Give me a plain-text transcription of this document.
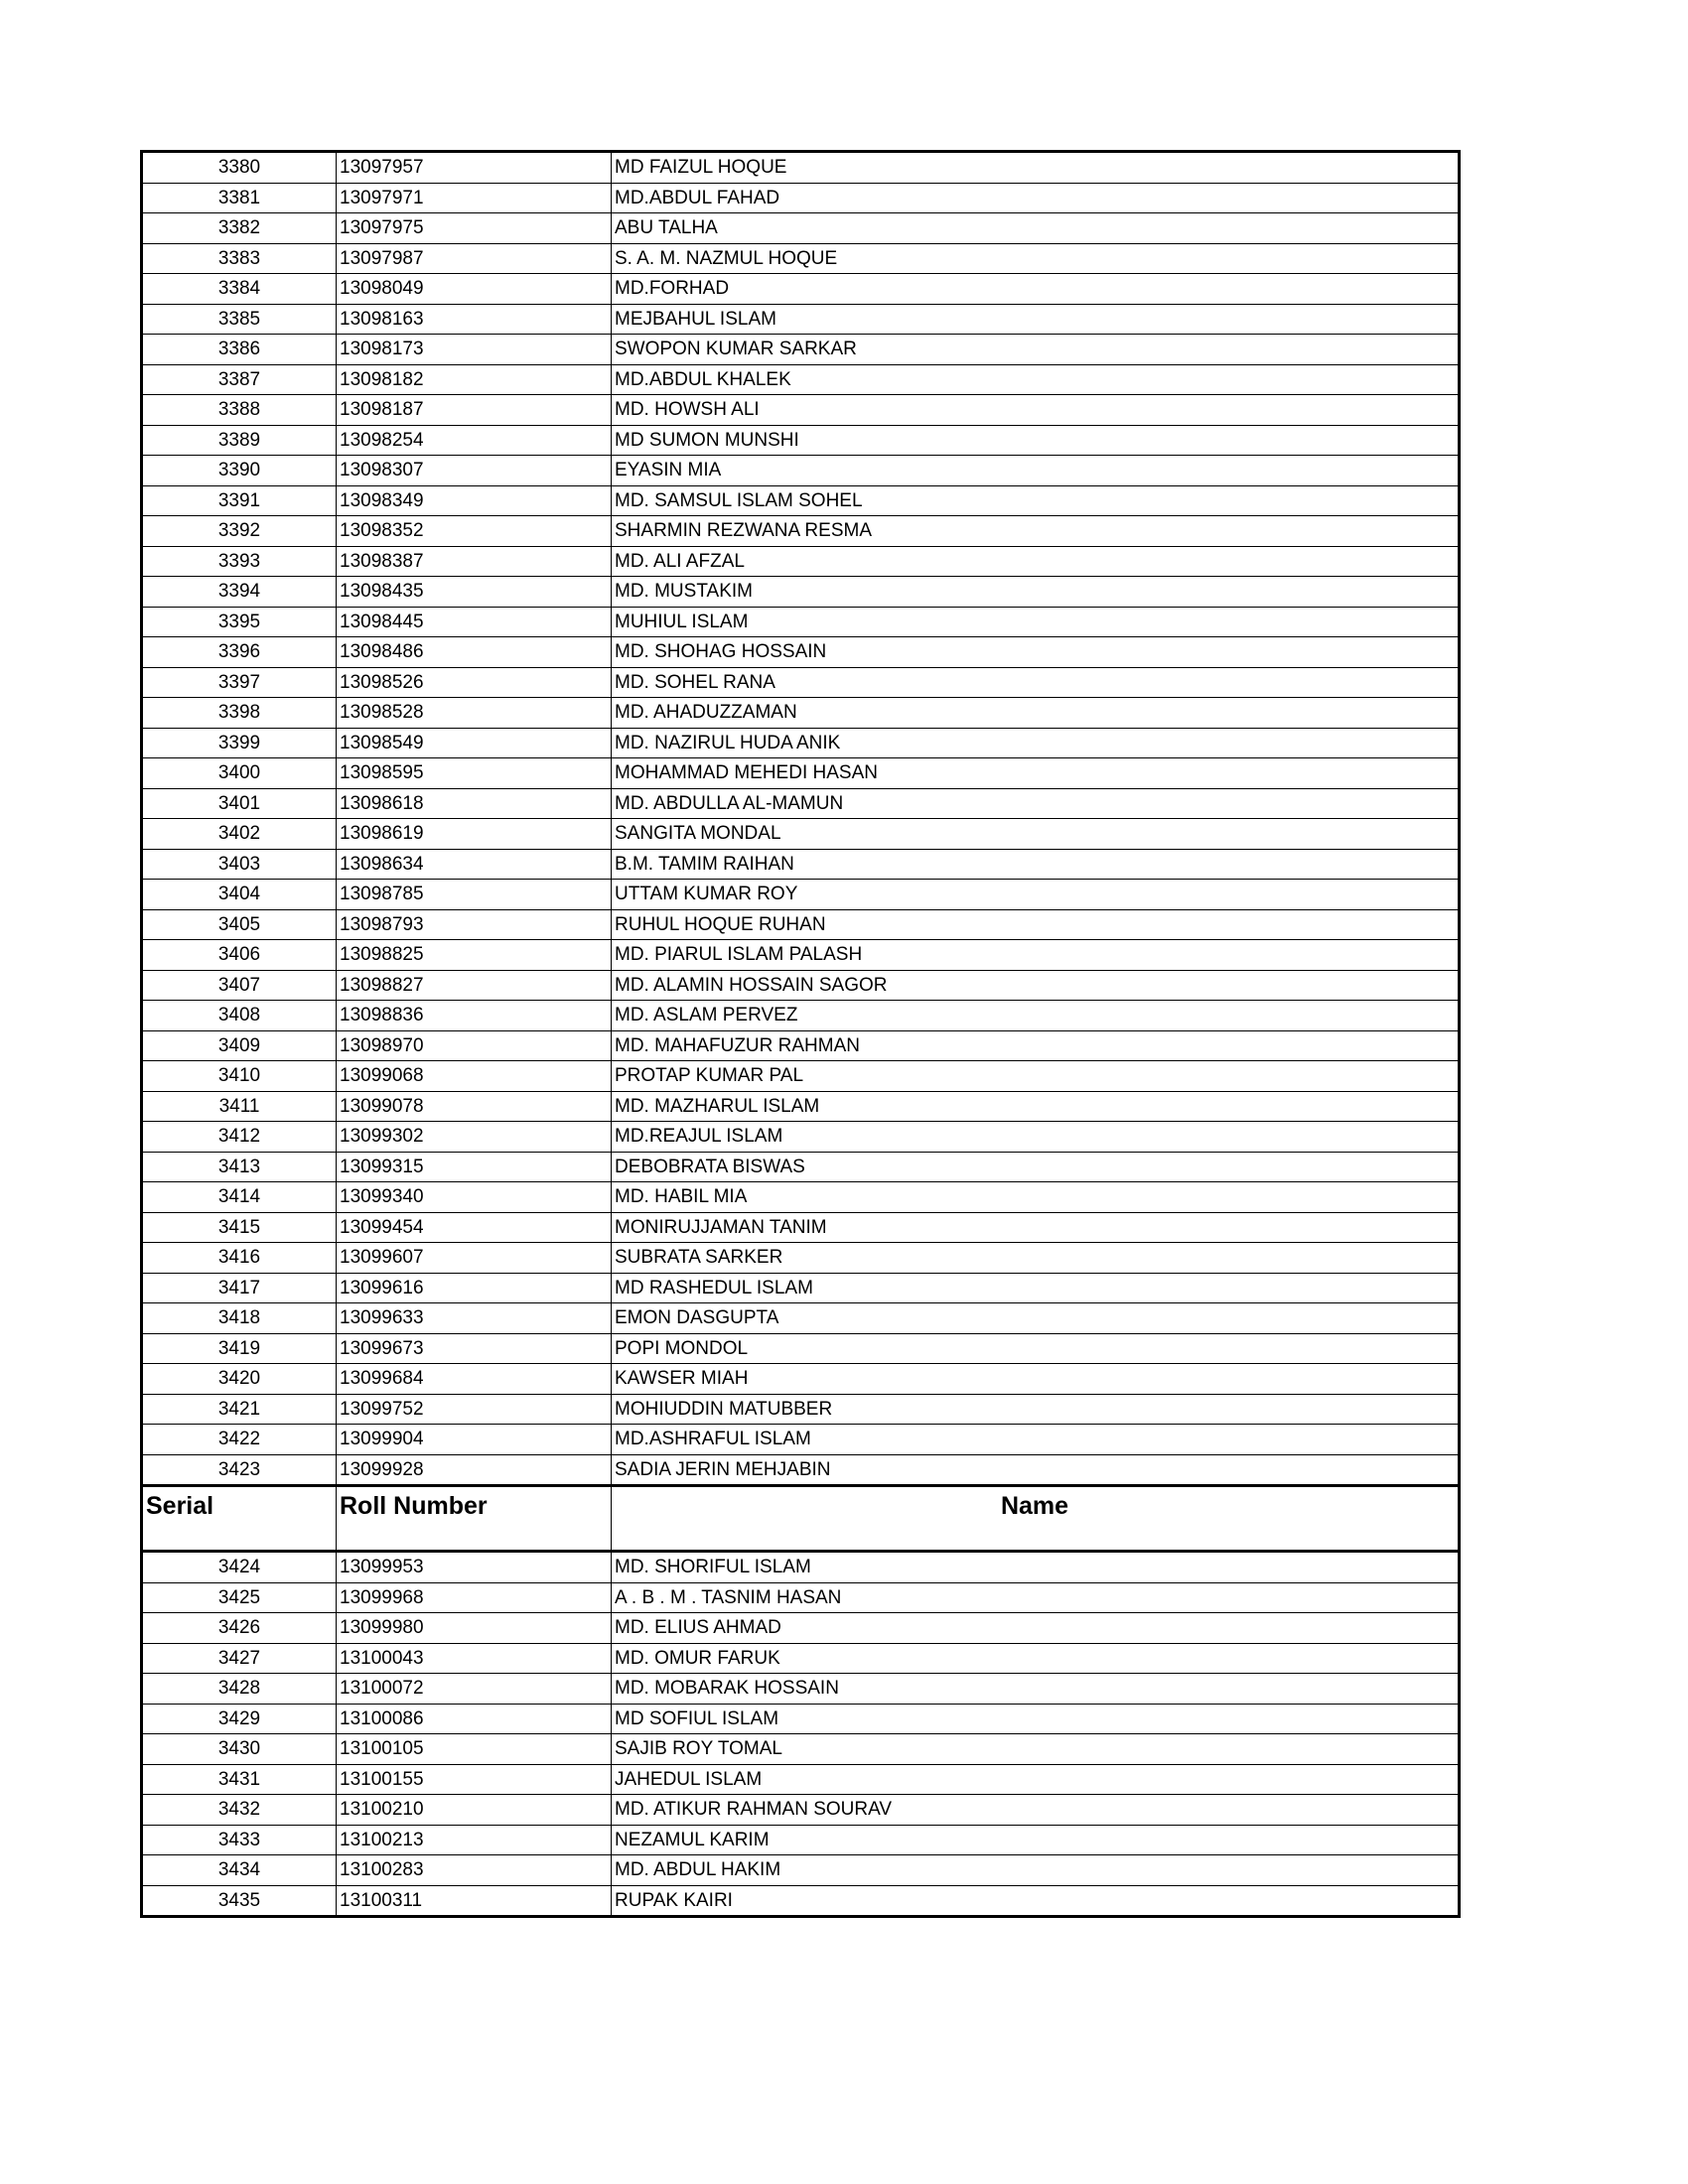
3380	13097957	MD FAIZUL HOQUE
3381	13097971	MD.ABDUL FAHAD
3382	13097975	ABU TALHA
3383	13097987	S. A. M. NAZMUL HOQUE
3384	13098049	MD.FORHAD
3385	13098163	MEJBAHUL ISLAM
3386	13098173	SWOPON KUMAR SARKAR
3387	13098182	MD.ABDUL KHALEK
3388	13098187	MD. HOWSH ALI
3389	13098254	MD SUMON MUNSHI
3390	13098307	EYASIN MIA
3391	13098349	MD. SAMSUL ISLAM SOHEL
3392	13098352	SHARMIN REZWANA RESMA
3393	13098387	MD. ALI AFZAL
3394	13098435	MD. MUSTAKIM
3395	13098445	MUHIUL ISLAM
3396	13098486	MD. SHOHAG HOSSAIN
3397	13098526	MD. SOHEL RANA
3398	13098528	MD. AHADUZZAMAN
3399	13098549	MD. NAZIRUL HUDA ANIK
3400	13098595	MOHAMMAD MEHEDI HASAN
3401	13098618	MD. ABDULLA AL-MAMUN
3402	13098619	SANGITA MONDAL
3403	13098634	B.M. TAMIM RAIHAN
3404	13098785	UTTAM KUMAR ROY
3405	13098793	RUHUL HOQUE RUHAN
3406	13098825	MD. PIARUL ISLAM PALASH
3407	13098827	MD. ALAMIN HOSSAIN SAGOR
3408	13098836	MD. ASLAM PERVEZ
3409	13098970	MD. MAHAFUZUR RAHMAN
3410	13099068	PROTAP KUMAR PAL
3411	13099078	MD. MAZHARUL ISLAM
3412	13099302	MD.REAJUL ISLAM
3413	13099315	DEBOBRATA BISWAS
3414	13099340	MD. HABIL MIA
3415	13099454	MONIRUJJAMAN TANIM
3416	13099607	SUBRATA SARKER
3417	13099616	MD RASHEDUL ISLAM
3418	13099633	EMON DASGUPTA
3419	13099673	POPI MONDOL
3420	13099684	KAWSER MIAH
3421	13099752	MOHIUDDIN MATUBBER
3422	13099904	MD.ASHRAFUL ISLAM
3423	13099928	SADIA JERIN MEHJABIN
Serial	Roll Number	Name
3424	13099953	MD. SHORIFUL ISLAM
3425	13099968	A . B . M . TASNIM HASAN
3426	13099980	MD. ELIUS AHMAD
3427	13100043	MD. OMUR FARUK
3428	13100072	MD. MOBARAK HOSSAIN
3429	13100086	MD SOFIUL ISLAM
3430	13100105	SAJIB ROY TOMAL
3431	13100155	JAHEDUL ISLAM
3432	13100210	MD. ATIKUR RAHMAN SOURAV
3433	13100213	NEZAMUL KARIM
3434	13100283	MD. ABDUL HAKIM
3435	13100311	RUPAK KAIRI
